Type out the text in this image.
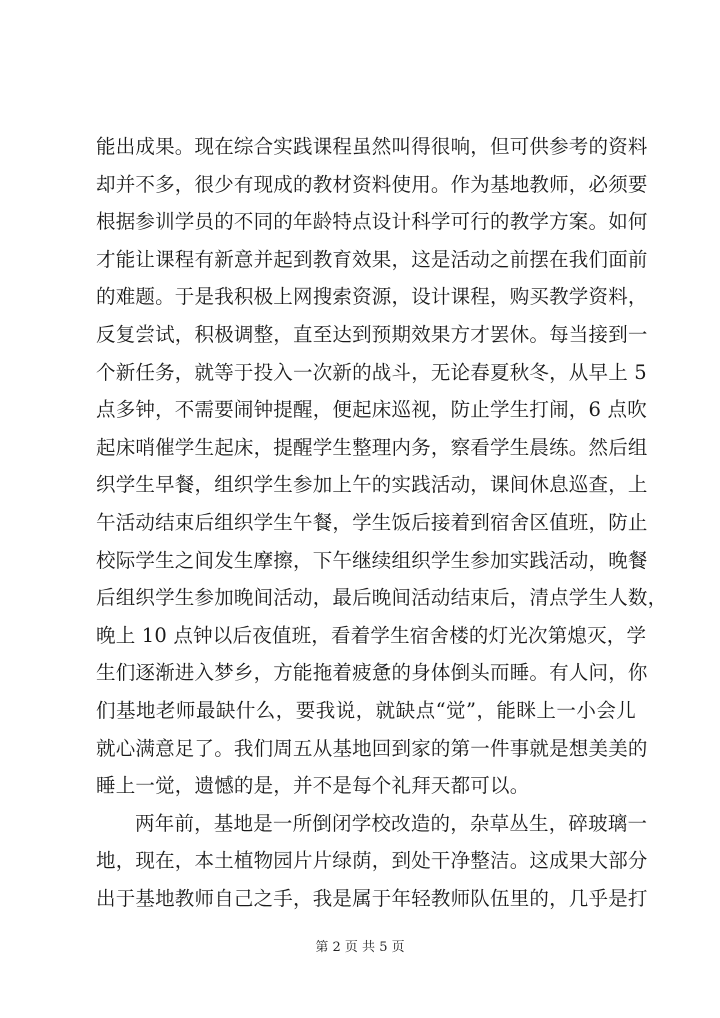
能出成果。现在综合实践课程虽然叫得很响，但可供参考的资料
却并不多，很少有现成的教材资料使用。作为基地教师，必须要
根据参训学员的不同的年龄特点设计科学可行的教学方案。如何
才能让课程有新意并起到教育效果，这是活动之前摆在我们面前
的难题。于是我积极上网搜索资源，设计课程，购买教学资料，
反复尝试，积极调整，直至达到预期效果方才罢休。每当接到一
个新任务，就等于投入一次新的战斗，无论春夏秋冬，从早上 5
点多钟，不需要闹钟提醒，便起床巡视，防止学生打闹，6 点吹
起床哨催学生起床，提醒学生整理内务，察看学生晨练。然后组
织学生早餐，组织学生参加上午的实践活动，课间休息巡查，上
午活动结束后组织学生午餐，学生饭后接着到宿舍区值班，防止
校际学生之间发生摩擦，下午继续组织学生参加实践活动，晚餐
后组织学生参加晚间活动，最后晚间活动结束后，清点学生人数，
晚上 10 点钟以后夜值班，看着学生宿舍楼的灯光次第熄灭，学
生们逐渐进入梦乡，方能拖着疲惫的身体倒头而睡。有人问，你
们基地老师最缺什么，要我说，就缺点“觉”，能眯上一小会儿
就心满意足了。我们周五从基地回到家的第一件事就是想美美的
睡上一觉，遗憾的是，并不是每个礼拜天都可以。
两年前，基地是一所倒闭学校改造的，杂草丛生，碎玻璃一
地，现在，本土植物园片片绿荫，到处干净整洁。这成果大部分
出于基地教师自己之手，我是属于年轻教师队伍里的，几乎是打
第 2 页 共 5 页
